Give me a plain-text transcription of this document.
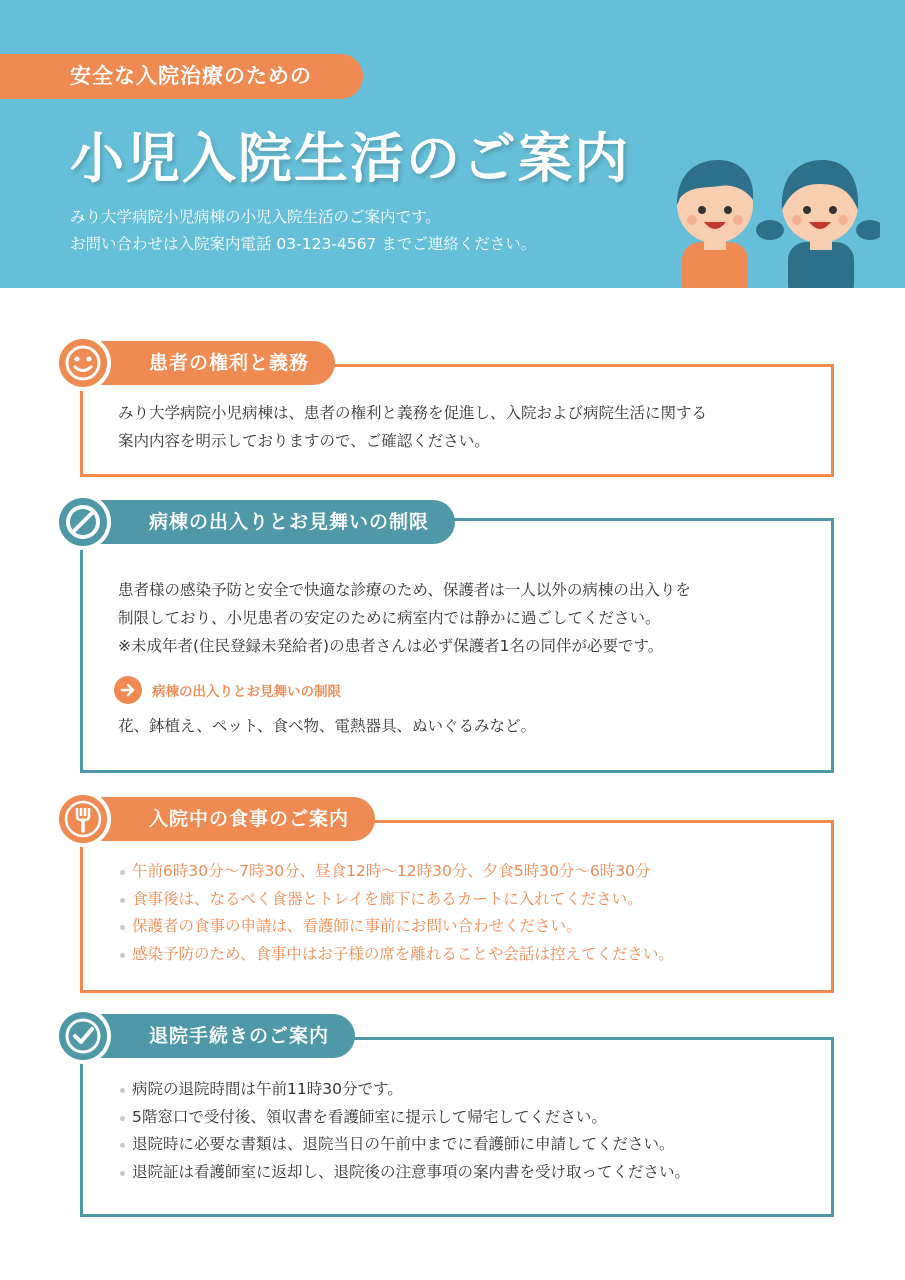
安全な入院治療のための
小児入院生活のご案内
みり大学病院小児病棟の小児入院生活のご案内です。
お問い合わせは入院案内電話 03-123-4567 までご連絡ください。
患者の権利と義務
みり大学病院小児病棟は、患者の権利と義務を促進し、入院および病院生活に関する
案内内容を明示しておりますので、ご確認ください。
病棟の出入りとお見舞いの制限
患者様の感染予防と安全で快適な診療のため、保護者は一人以外の病棟の出入りを
制限しており、小児患者の安定のために病室内では静かに過ごしてください。
※未成年者(住民登録未発給者)の患者さんは必ず保護者1名の同伴が必要です。
病棟の出入りとお見舞いの制限
花、鉢植え、ペット、食べ物、電熱器具、ぬいぐるみなど。
入院中の食事のご案内
午前6時30分〜7時30分、昼食12時〜12時30分、夕食5時30分〜6時30分
食事後は、なるべく食器とトレイを廊下にあるカートに入れてください。
保護者の食事の申請は、看護師に事前にお問い合わせください。
感染予防のため、食事中はお子様の席を離れることや会話は控えてください。
退院手続きのご案内
病院の退院時間は午前11時30分です。
5階窓口で受付後、領収書を看護師室に提示して帰宅してください。
退院時に必要な書類は、退院当日の午前中までに看護師に申請してください。
退院証は看護師室に返却し、退院後の注意事項の案内書を受け取ってください。
